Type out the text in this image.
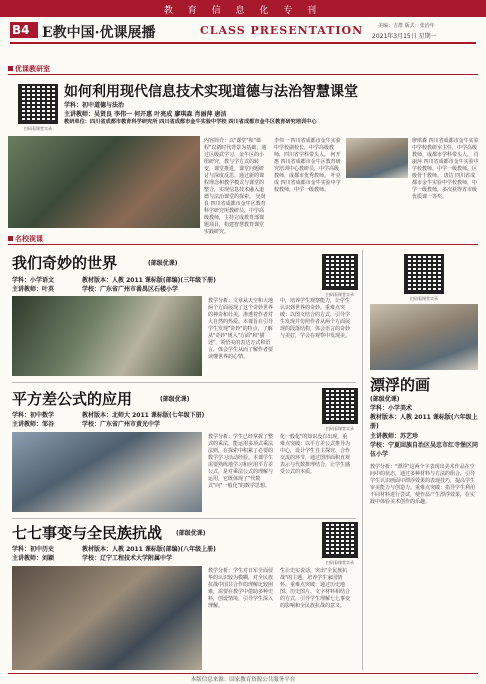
教 育 信 息 化 专 刊
B4 E教中国·优课展播	CLASS PRESENTATION	美编：吉群 版式：张治年
2021年3月15日 星期一
优课教研室
扫码看课堂实录
如何利用现代信息技术实现道德与法治智慧课堂
学科：初中道德与法治
主讲教师：吴贤良 李伟一 何开惠 叶亮成 廖琪森 肖丽萍 唐洁
教研单位：四川省成都市教育科学研究所 四川省成都市金牛实验中学校 四川省成都市金牛区教育研究培训中心
内容简介：以"课堂"和"课程"以新时代背景为基础，通过区级武学习，金牛区的小组研究，教与学方式的转变，课堂推进，课堂问题研讨与深度反思。通过新的课程理念和教学模式与课堂的整合，实现信息技术融入道德与法治课堂的探索。 吴贤良 四川省成都市金牛区教育科学研究所教研员，中学高级教师，主持完成教育部课题项目，构建智慧教育课堂实践研究。
李伟一 四川省成都市金牛实验中学校副校长，中学高级教师，四川省学科带头人。 何开惠 四川省成都市金牛区教育研究培训中心教研员，中学高级教师，成都市优秀教师。 叶亮成 四川省成都市金牛实验中学校教师，中学一级教师。
廖琪森 四川省成都市金牛实验中学校教研室主任，中学高级教师，成都市学科带头人。 肖丽萍 四川省成都市金牛实验中学校教师，中学一级教师，区级骨干教师。 唐洁 四川省成都市金牛实验中学校教师，中学一级教师，多次获得省市级优质课一等奖。
名校视课
我们奇妙的世界	(部级优课)
学科：小学语文
主讲教师：叶英
教材版本：人教 2011 课标版(部编)(三年级下册)
学校：广东省广州市番禺区石楼小学
扫码看课堂实录
教学分析：文章从天空和大地两个方面展现了这个奇妙世界的神奇和壮美，渗透着作者对大自然的热爱。本课旨在引导学生发现"奇妙"的特点，了解从"奇妙"规入"方面"和"描述"，领悟美的表达方式和语言，体会学生从而了解作者要读懂世界的心情。
中，培养学生观察能力，让学生认识到世界的奇妙。重难点突破：以图文结合的方式，引导学生发现并仿照作者从两个方面展现的段落结构，体会语言的奇妙与美好，学会在观察中发现美。
平方差公式的应用	(部级优课)
学科：初中数学
主讲教师：邹谷
教材版本：北师大 2011 课标版(七年级下册)
学校：广东省广州市黄光中学
扫码看课堂实录
教学分析：学生已经掌握了整式的乘法，能运用多项式乘法法则，在探索中积累了必要的数学学习活动经验。本课学生需要熟练地学习和应用平方差公式，是对乘法公式的理解与运用，它既体现了"代数式"向"一般化"的数学思想。
化一般化"的知识没有出现。重难点突破：以平方差公式推导为中心，设计学生自主探究、合作交流的环节，通过图形面积直观表示与代数推理结合，让学生感受公式的本质。
七七事变与全民族抗战 (部级优课)
学科：初中历史
主讲教师：刘颖
教材版本：人教 2011 课标版(部编)(八年级上册)
学校：辽宁工程技术大学附属中学
扫码看课堂实录
教学分析：学生对日军全面侵华的认识较为模糊，对全民族抗战中国共合作的理解比较困难，需要在教学中借助多种史料，创设情境，引导学生深入理解。
生让史实说话，突出"全民族抗战"的主题，培养学生家国情怀。重难点突破：通过历史地图、历史图片、文字材料相结合的方式，引导学生理解七七事变的影响和全民族抗战的意义。
扫码看课堂实录
漂浮的画
(部级优课)
学科：小学美术
教材版本：人教 2011 课标版(六年级上册)
主讲教师：苏艺珍
学校：宁夏回族自治区吴忠市红寺堡区同伍小学
教学分析："漂浮"这两个字表现出美术作品在空间中的状态，通过多种材料与方法的组合，引导学生认识画面中漂浮效果的表现技巧，提高学生审美能力与创造力。重难点突破：指导学生利用不同材料进行尝试，使作品产生漂浮效果，在实践中体验美术创作的乐趣。
本版信息来源：国家教育资源公共服务平台
